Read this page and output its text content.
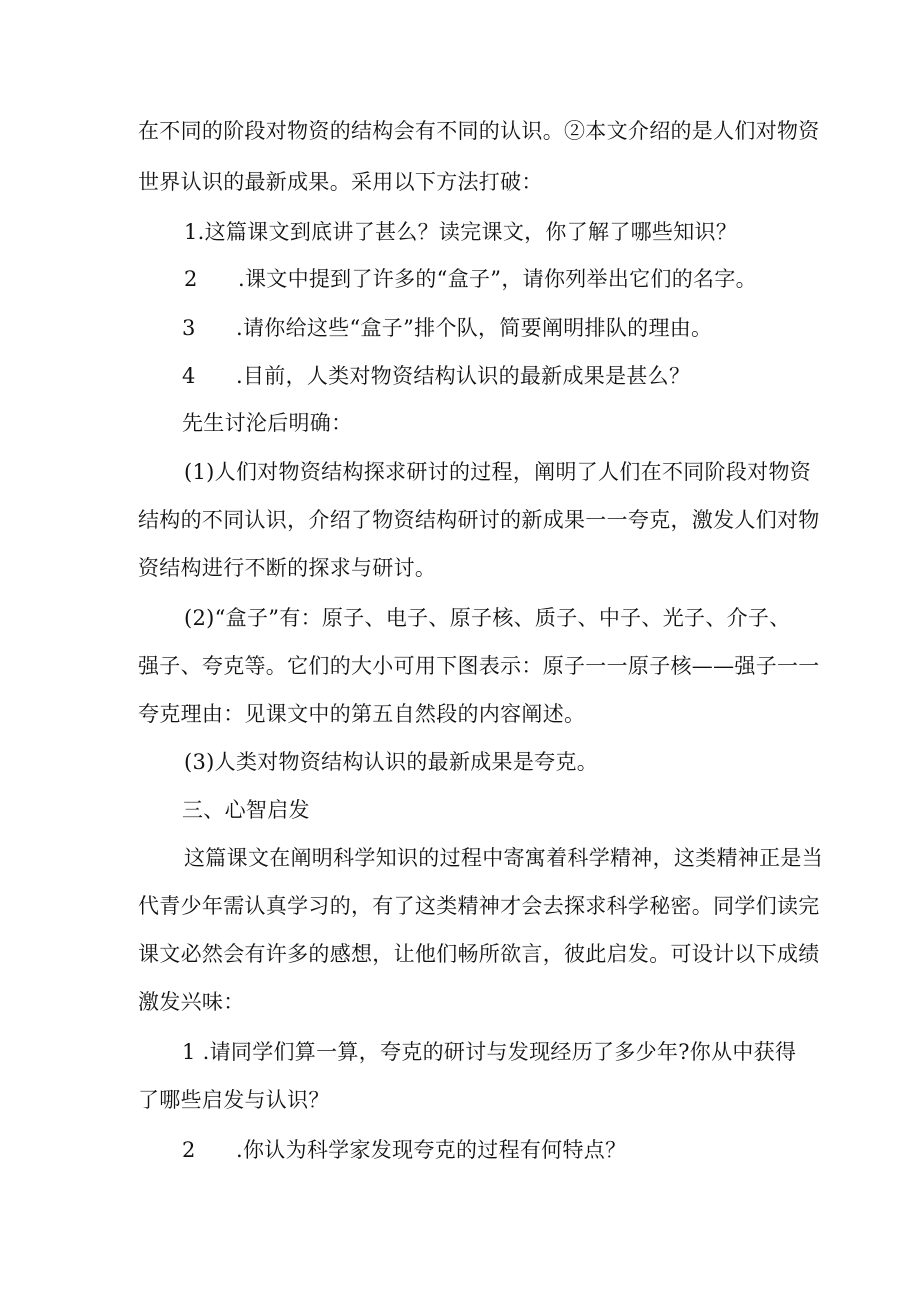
在不同的阶段对物资的结构会有不同的认识。②本文介绍的是人们对物资
世界认识的最新成果。采用以下方法打破：
1.这篇课文到底讲了甚么？读完课文，你了解了哪些知识？
2 .课文中提到了许多的“盒子”，请你列举出它们的名字。
3 .请你给这些“盒子”排个队，简要阐明排队的理由。
4 .目前，人类对物资结构认识的最新成果是甚么？
先生讨沦后明确：
(1)人们对物资结构探求研讨的过程，阐明了人们在不同阶段对物资
结构的不同认识，介绍了物资结构研讨的新成果一一夸克，激发人们对物
资结构进行不断的探求与研讨。
(2)“盒子”有：原子、电子、原子核、质子、中子、光子、介子、
强子、夸克等。它们的大小可用下图表示：原子一一原子核——强子一一
夸克理由：见课文中的第五自然段的内容阐述。
(3)人类对物资结构认识的最新成果是夸克。
三、心智启发
这篇课文在阐明科学知识的过程中寄寓着科学精神，这类精神正是当
代青少年需认真学习的，有了这类精神才会去探求科学秘密。同学们读完
课文必然会有许多的感想，让他们畅所欲言，彼此启发。可设计以下成绩
激发兴味：
1 .请同学们算一算，夸克的研讨与发现经历了多少年?你从中获得
了哪些启发与认识？
2 .你认为科学家发现夸克的过程有何特点？
